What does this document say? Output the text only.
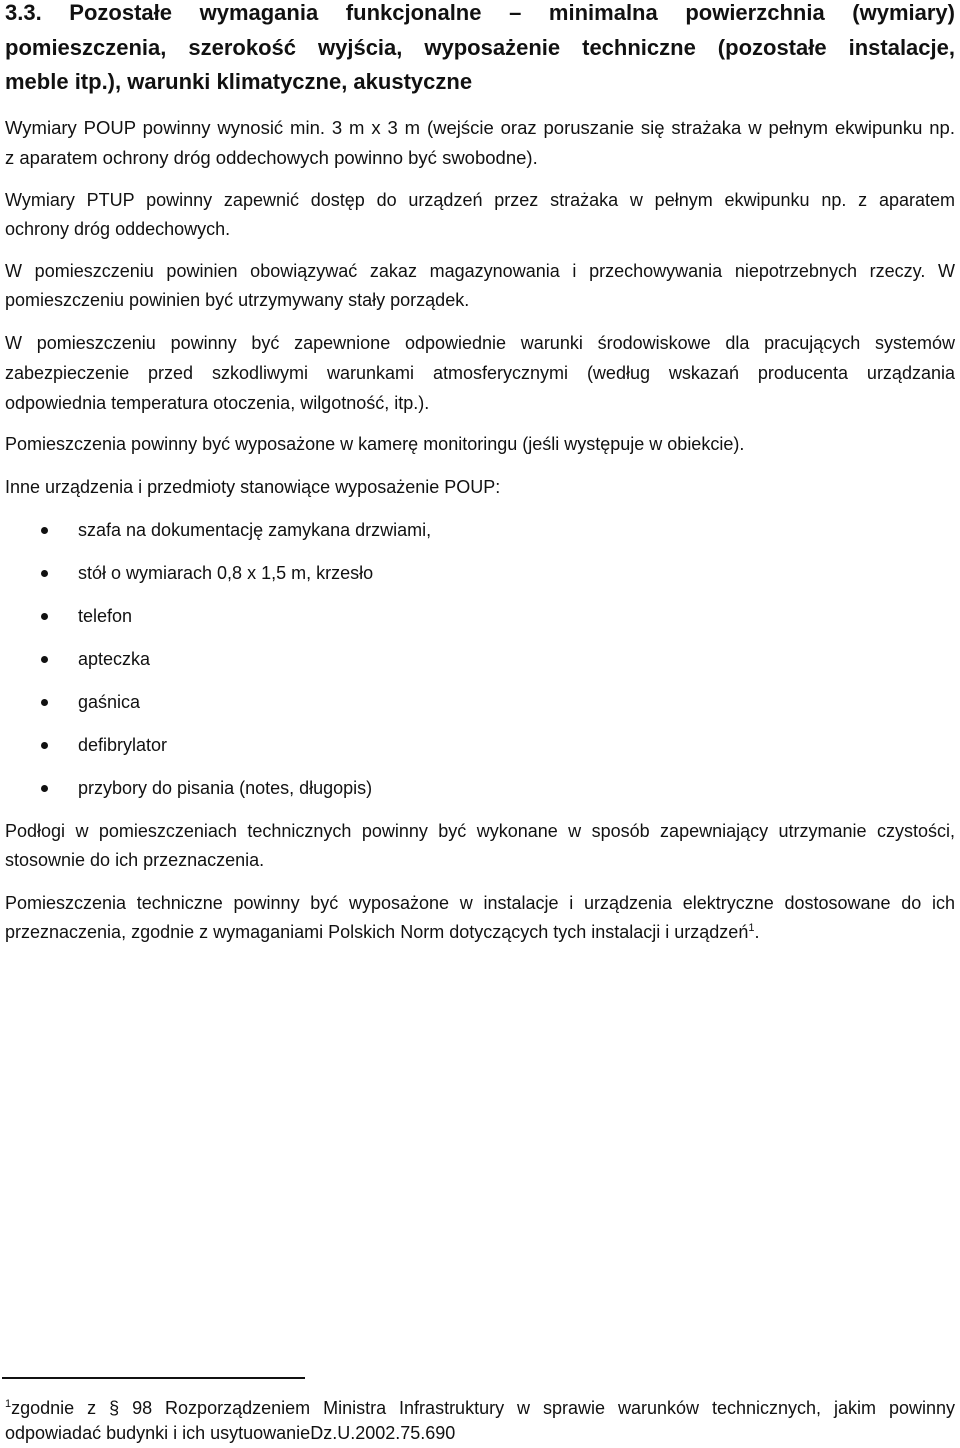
3.3. Pozostałe wymagania funkcjonalne – minimalna powierzchnia (wymiary)
pomieszczenia, szerokość wyjścia, wyposażenie techniczne (pozostałe instalacje,
meble itp.), warunki klimatyczne, akustyczne
Wymiary POUP powinny wynosić min. 3 m x 3 m (wejście oraz poruszanie się strażaka w pełnym ekwipunku np.
z aparatem ochrony dróg oddechowych powinno być swobodne).
Wymiary PTUP powinny zapewnić dostęp do urządzeń przez strażaka w pełnym ekwipunku np. z aparatem
ochrony dróg oddechowych.
W pomieszczeniu powinien obowiązywać zakaz magazynowania i przechowywania niepotrzebnych rzeczy. W
pomieszczeniu powinien być utrzymywany stały porządek.
W pomieszczeniu powinny być zapewnione odpowiednie warunki środowiskowe dla pracujących systemów
zabezpieczenie przed szkodliwymi warunkami atmosferycznymi (według wskazań producenta urządzania
odpowiednia temperatura otoczenia, wilgotność, itp.).
Pomieszczenia powinny być wyposażone w kamerę monitoringu (jeśli występuje w obiekcie).
Inne urządzenia i przedmioty stanowiące wyposażenie POUP:
szafa na dokumentację zamykana drzwiami,
stół o wymiarach 0,8 x 1,5 m, krzesło
telefon
apteczka
gaśnica
defibrylator
przybory do pisania (notes, długopis)
Podłogi w pomieszczeniach technicznych powinny być wykonane w sposób zapewniający utrzymanie czystości,
stosownie do ich przeznaczenia.
Pomieszczenia techniczne powinny być wyposażone w instalacje i urządzenia elektryczne dostosowane do ich
przeznaczenia, zgodnie z wymaganiami Polskich Norm dotyczących tych instalacji i urządzeń$^1$.
$^1$zgodnie z § 98 Rozporządzeniem Ministra Infrastruktury w sprawie warunków technicznych, jakim powinny
odpowiadać budynki i ich usytuowanieDz.U.2002.75.690
